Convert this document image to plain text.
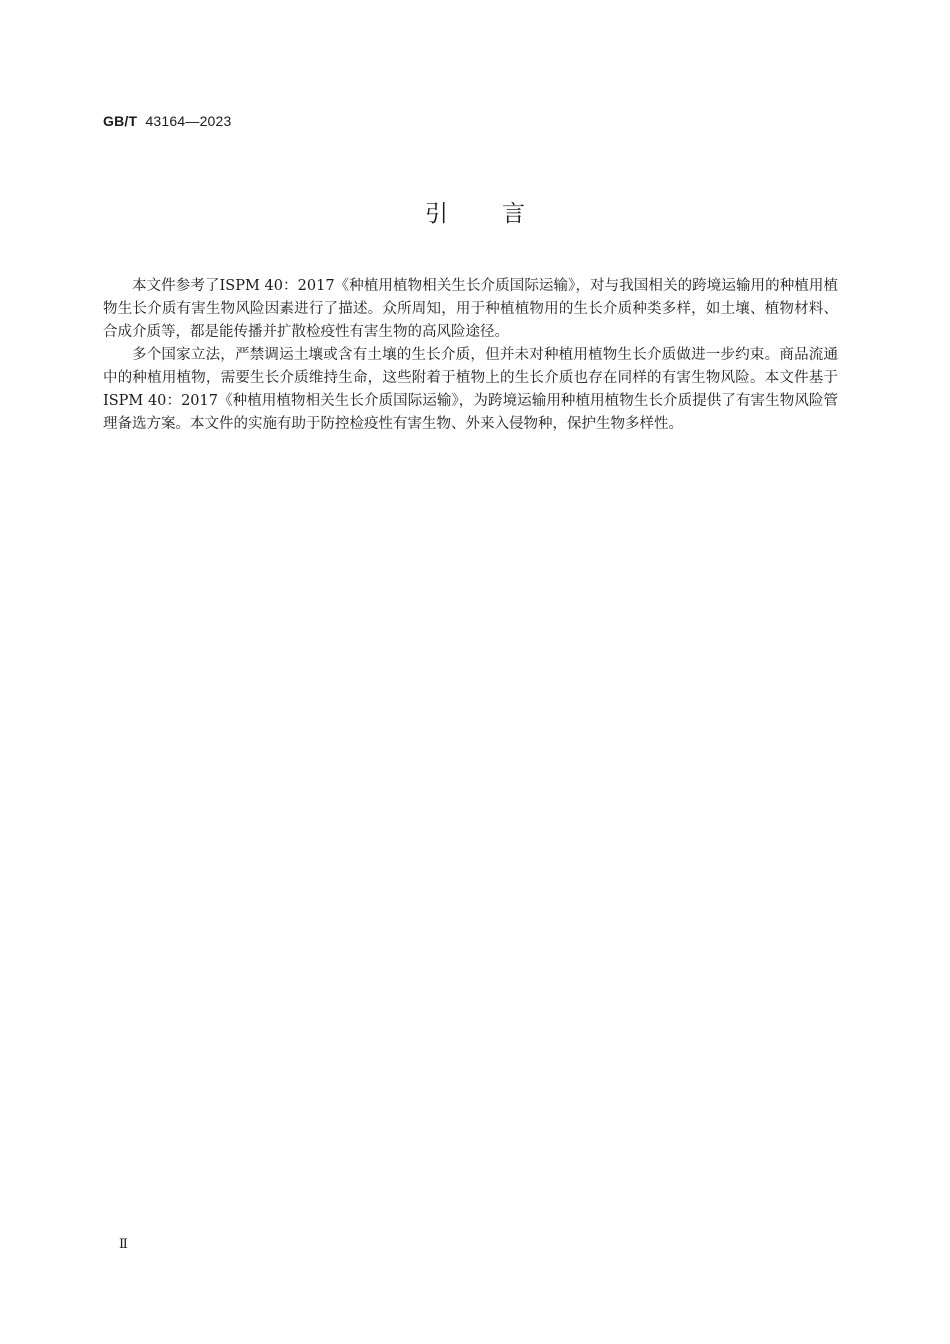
GB/T 43164—2023
引言

本文件参考了ISPM 40：2017《种植用植物相关生长介质国际运输》，对与我国相关的跨境运输用的种植用植物生长介质有害生物风险因素进行了描述。众所周知，用于种植植物用的生长介质种类多样，如土壤、植物材料、合成介质等，都是能传播并扩散检疫性有害生物的高风险途径。

多个国家立法，严禁调运土壤或含有土壤的生长介质，但并未对种植用植物生长介质做进一步约束。商品流通中的种植用植物，需要生长介质维持生命，这些附着于植物上的生长介质也存在同样的有害生物风险。本文件基于ISPM 40：2017《种植用植物相关生长介质国际运输》，为跨境运输用种植用植物生长介质提供了有害生物风险管理备选方案。本文件的实施有助于防控检疫性有害生物、外来入侵物种，保护生物多样性。

Ⅱ
